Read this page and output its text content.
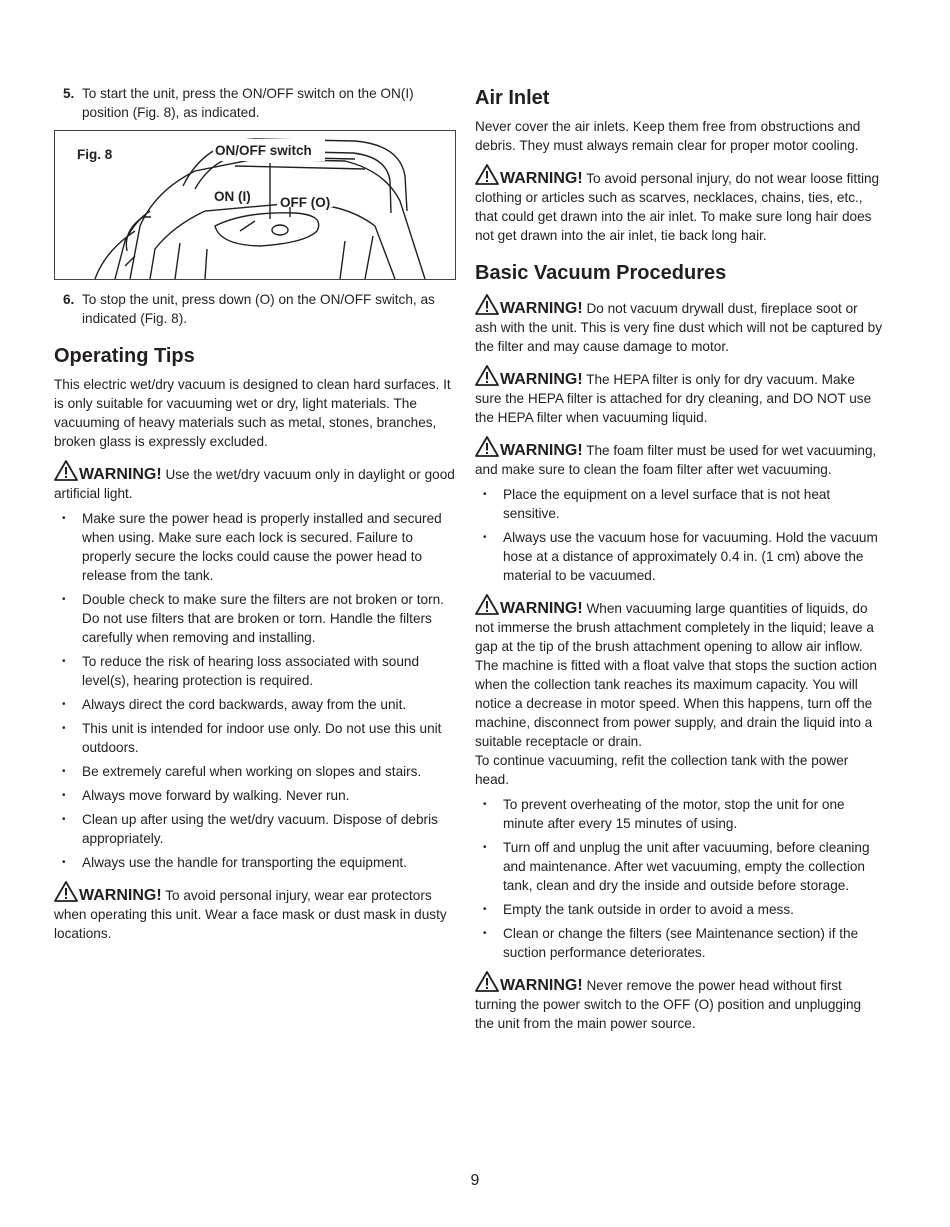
5. To start the unit, press the ON/OFF switch on the ON(I) position (Fig. 8), as indicated.

Fig. 8	ON/OFF switch
ON (I) OFF (O)

6. To stop the unit, press down (O) on the ON/OFF switch, as indicated (Fig. 8).

Operating Tips

This electric wet/dry vacuum is designed to clean hard surfaces. It is only suitable for vacuuming wet or dry, light materials. The vacuuming of heavy materials such as metal, stones, branches, broken glass is expressly excluded.

WARNING! Use the wet/dry vacuum only in daylight or good artificial light.

• Make sure the power head is properly installed and secured when using. Make sure each lock is secured. Failure to properly secure the locks could cause the power head to release from the tank.
• Double check to make sure the filters are not broken or torn. Do not use filters that are broken or torn. Handle the filters carefully when removing and installing.
• To reduce the risk of hearing loss associated with sound level(s), hearing protection is required.
• Always direct the cord backwards, away from the unit.
• This unit is intended for indoor use only. Do not use this unit outdoors.
• Be extremely careful when working on slopes and stairs.
• Always move forward by walking. Never run.
• Clean up after using the wet/dry vacuum. Dispose of debris appropriately.
• Always use the handle for transporting the equipment.

WARNING! To avoid personal injury, wear ear protectors when operating this unit. Wear a face mask or dust mask in dusty locations.

Air Inlet

Never cover the air inlets. Keep them free from obstructions and debris. They must always remain clear for proper motor cooling.

WARNING! To avoid personal injury, do not wear loose fitting clothing or articles such as scarves, necklaces, chains, ties, etc., that could get drawn into the air inlet. To make sure long hair does not get drawn into the air inlet, tie back long hair.

Basic Vacuum Procedures

WARNING! Do not vacuum drywall dust, fireplace soot or ash with the unit. This is very fine dust which will not be captured by the filter and may cause damage to motor.

WARNING! The HEPA filter is only for dry vacuum. Make sure the HEPA filter is attached for dry cleaning, and DO NOT use the HEPA filter when vacuuming liquid.

WARNING! The foam filter must be used for wet vacuuming, and make sure to clean the foam filter after wet vacuuming.

• Place the equipment on a level surface that is not heat sensitive.
• Always use the vacuum hose for vacuuming. Hold the vacuum hose at a distance of approximately 0.4 in. (1 cm) above the material to be vacuumed.

WARNING! When vacuuming large quantities of liquids, do not immerse the brush attachment completely in the liquid; leave a gap at the tip of the brush attachment opening to allow air inflow. The machine is fitted with a float valve that stops the suction action when the collection tank reaches its maximum capacity. You will notice a decrease in motor speed. When this happens, turn off the machine, disconnect from power supply, and drain the liquid into a suitable receptacle or drain.

To continue vacuuming, refit the collection tank with the power head.

• To prevent overheating of the motor, stop the unit for one minute after every 15 minutes of using.
• Turn off and unplug the unit after vacuuming, before cleaning and maintenance. After wet vacuuming, empty the collection tank, clean and dry the inside and outside before storage.
• Empty the tank outside in order to avoid a mess.
• Clean or change the filters (see Maintenance section) if the suction performance deteriorates.

WARNING! Never remove the power head without first turning the power switch to the OFF (O) position and unplugging the unit from the main power source.

9
